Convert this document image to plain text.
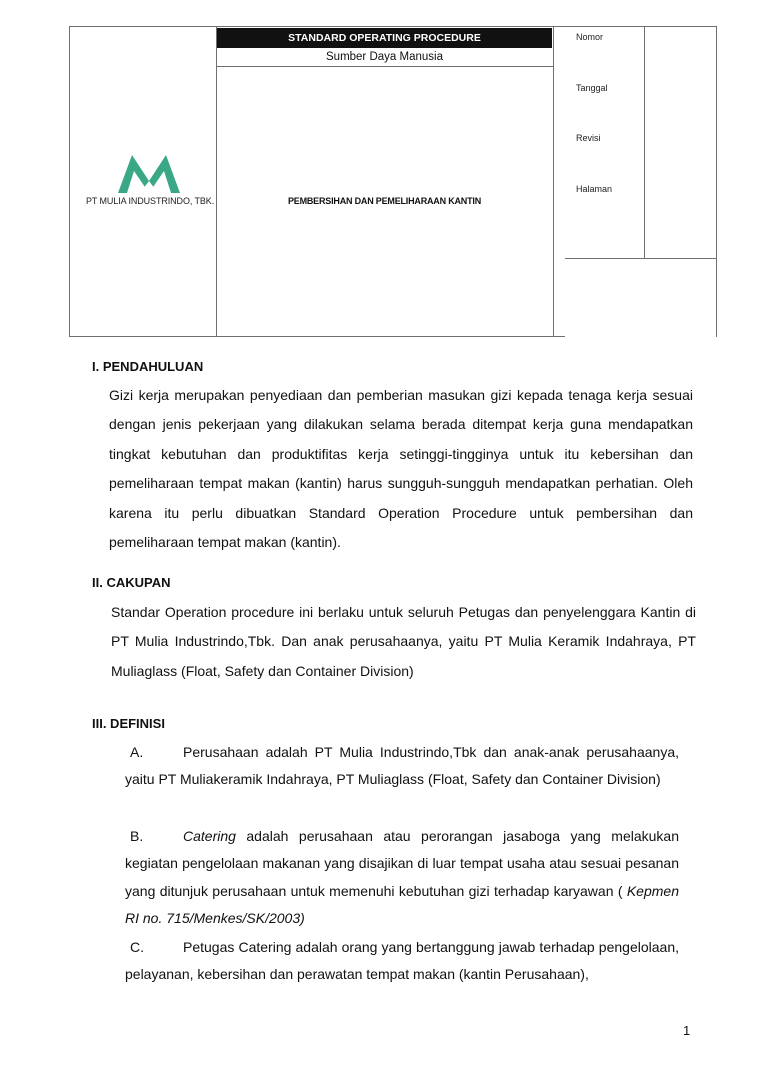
PT MULIA INDUSTRINDO, TBK.
STANDARD OPERATING PROCEDURE
Sumber Daya Manusia
PEMBERSIHAN DAN PEMELIHARAAN KANTIN
Nomor
Tanggal
Revisi
Halaman
I. PENDAHULUAN

Gizi kerja merupakan penyediaan dan pemberian masukan gizi kepada tenaga kerja sesuai dengan jenis pekerjaan yang dilakukan selama berada ditempat kerja guna mendapatkan tingkat kebutuhan dan produktifitas kerja setinggi-tingginya untuk itu kebersihan dan pemeliharaan tempat makan (kantin) harus sungguh-sungguh mendapatkan perhatian. Oleh karena itu perlu dibuatkan Standard Operation Procedure untuk pembersihan dan pemeliharaan tempat makan (kantin).

II. CAKUPAN

Standar Operation procedure ini berlaku untuk seluruh Petugas dan penyelenggara Kantin di PT Mulia Industrindo,Tbk. Dan anak perusahaanya, yaitu PT Mulia Keramik Indahraya, PT Muliaglass (Float, Safety dan Container Division)

III. DEFINISI

A.	Perusahaan adalah PT Mulia Industrindo,Tbk dan anak-anak perusahaanya, yaitu PT Muliakeramik Indahraya, PT Muliaglass (Float, Safety dan Container Division)

B.	Catering adalah perusahaan atau perorangan jasaboga yang melakukan kegiatan pengelolaan makanan yang disajikan di luar tempat usaha atau sesuai pesanan yang ditunjuk perusahaan untuk memenuhi kebutuhan gizi terhadap karyawan ( Kepmen RI no. 715/Menkes/SK/2003)

C.	Petugas Catering adalah orang yang bertanggung jawab terhadap pengelolaan, pelayanan, kebersihan dan perawatan tempat makan (kantin Perusahaan),

1
